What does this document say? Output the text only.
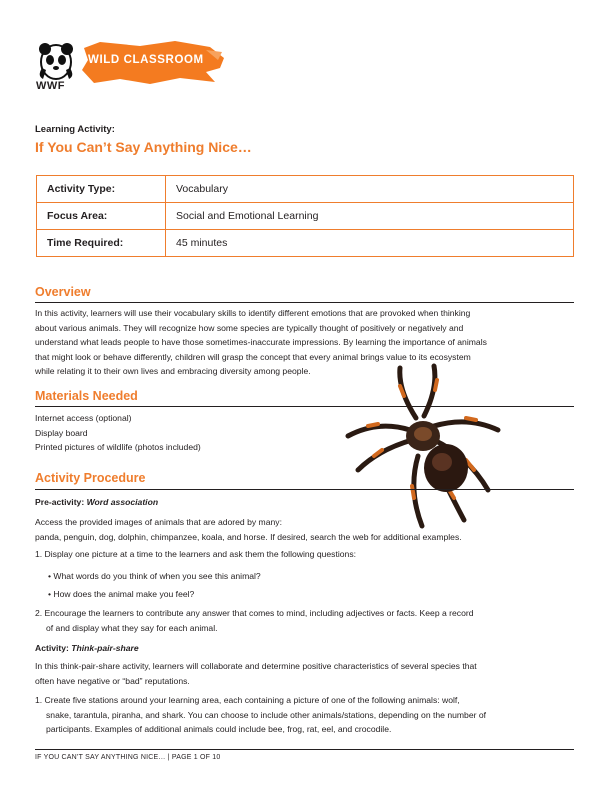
WWF
WILD CLASSROOM
Learning Activity:
If You Can’t Say Anything Nice…
Activity Type:	Vocabulary
Focus Area:	Social and Emotional Learning
Time Required:	45 minutes
Overview
In this activity, learners will use their vocabulary skills to identify different emotions that are provoked when thinking
about various animals. They will recognize how some species are typically thought of positively or negatively and
understand what leads people to have those sometimes-inaccurate impressions. By learning the importance of animals
that might look or behave differently, children will grasp the concept that every animal brings value to its ecosystem
while relating it to their own lives and embracing diversity among people.
Materials Needed
Internet access (optional)
Display board
Printed pictures of wildlife (photos included)
Activity Procedure
Pre-activity: Word association
Access the provided images of animals that are adored by many:
panda, penguin, dog, dolphin, chimpanzee, koala, and horse. If desired, search the web for additional examples.
1. Display one picture at a time to the learners and ask them the following questions:
• What words do you think of when you see this animal?
• How does the animal make you feel?
2. Encourage the learners to contribute any answer that comes to mind, including adjectives or facts. Keep a record
of and display what they say for each animal.
Activity: Think-pair-share
In this think-pair-share activity, learners will collaborate and determine positive characteristics of several species that
often have negative or “bad” reputations.
1. Create five stations around your learning area, each containing a picture of one of the following animals: wolf,
snake, tarantula, piranha, and shark. You can choose to include other animals/stations, depending on the number of
participants. Examples of additional animals could include bee, frog, rat, eel, and crocodile.
IF YOU CAN’T SAY ANYTHING NICE… | PAGE 1 OF 10
